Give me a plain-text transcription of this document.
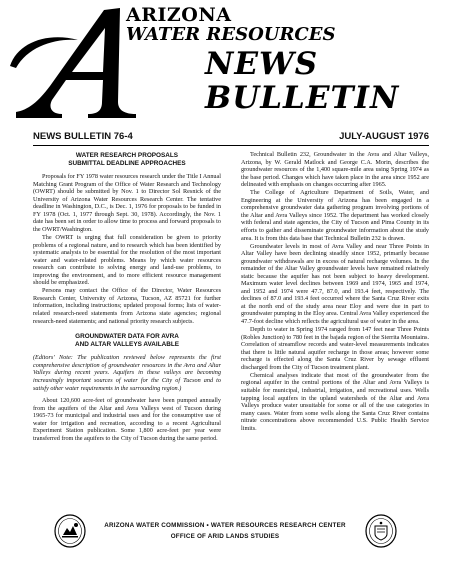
ARIZONA
WATER RESOURCES
NEWS
BULLETIN
NEWS BULLETIN 76-4	JULY-AUGUST 1976
WATER RESEARCH PROPOSALS
SUBMITTAL DEADLINE APPROACHES

Proposals for FY 1978 water resources research under the Title I Annual Matching Grant Program of the Office of Water Research and Technology (OWRT) should be submitted by Nov. 1 to Director Sol Resnick of the University of Arizona Water Resources Research Center. The tentative deadline in Washington, D.C., is Dec. 1, 1976 for proposals to be funded in FY 1978 (Oct. 1, 1977 through Sept. 30, 1978). Accordingly, the Nov. 1 date has been set in order to allow time to process and forward proposals to the OWRT/Washington.

The OWRT is urging that full consideration be given to priority problems of a regional nature, and to research which has been identified by systematic analysis to be essential for the resolution of the most important water and water-related problems. Means by which water resources research can contribute to solving energy and land-use problems, to improving the environment, and to more efficient resource management should be emphasized.

Persons may contact the Office of the Director, Water Resources Research Center, University of Arizona, Tucson, AZ 85721 for further information, including instructions; updated proposal forms; lists of water-related research-need statements from Arizona state agencies; regional research-need statements; and national priority research subjects.

GROUNDWATER DATA FOR AVRA
AND ALTAR VALLEYS AVAILABLE

(Editors' Note: The publication reviewed below represents the first comprehensive description of groundwater resources in the Avra and Altar Valleys during recent years. Aquifers in these valleys are becoming increasingly important sources of water for the City of Tucson and to satisfy other water requirements in the surrounding region.)

About 120,600 acre-feet of groundwater have been pumped annually from the aquifers of the Altar and Avra Valleys west of Tucson during 1965-73 for municipal and industrial uses and for the consumptive use of water for irrigation and recreation, according to a recent Agricultural Experiment Station publication. Some 1,800 acre-feet per year were transferred from the aquifers to the City of Tucson during the same period.

Technical Bulletin 232, Groundwater in the Avra and Altar Valleys, Arizona, by W. Gerald Matlock and George C.A. Morin, describes the groundwater resources of the 1,400 square-mile area using Spring 1974 as the base period. Changes which have taken place in the area since 1952 are delineated with emphasis on changes occurring after 1965.

The College of Agriculture Department of Soils, Water, and Engineering at the University of Arizona has been engaged in a comprehensive groundwater data gathering program involving portions of the Altar and Avra Valleys since 1952. The department has worked closely with federal and state agencies, the City of Tucson and Pima County in its efforts to gather and disseminate groundwater information about the study area. It is from this data base that Technical Bulletin 232 is drawn.

Groundwater levels in most of Avra Valley and near Three Points in Altar Valley have been declining steadily since 1952, primarily because groundwater withdrawals are in excess of natural recharge volumes. In the remainder of the Altar Valley groundwater levels have remained relatively static because the aquifer has not been subject to heavy development. Maximum water level declines between 1969 and 1974, 1965 and 1974, and 1952 and 1974 were 47.7, 87.0, and 193.4 feet, respectively. The declines of 87.0 and 193.4 feet occurred where the Santa Cruz River exits at the north end of the study area near Eloy and were due in part to groundwater pumping in the Eloy area. Central Avra Valley experienced the 47.7-foot decline which reflects the agricultural use of water in the area.

Depth to water in Spring 1974 ranged from 147 feet near Three Points (Robles Junction) to 780 feet in the bajada region of the Sierrita Mountains. Correlation of streamflow records and water-level measurements indicates that there is little natural aquifer recharge in those areas; however some recharge is effected along the Santa Cruz River by sewage effluent discharged from the City of Tucson treatment plant.

Chemical analyses indicate that most of the groundwater from the regional aquifer in the central portions of the Altar and Avra Valleys is suitable for municipal, industrial, irrigation, and recreational uses. Wells tapping local aquifers in the upland watersheds of the Altar and Avra Valleys produce water unsuitable for some or all of the use categories in many cases. Water from some wells along the Santa Cruz River contains nitrate concentrations above recommended U.S. Public Health Service limits.

ARIZONA WATER COMMISSION • WATER RESOURCES RESEARCH CENTER
OFFICE OF ARID LANDS STUDIES
